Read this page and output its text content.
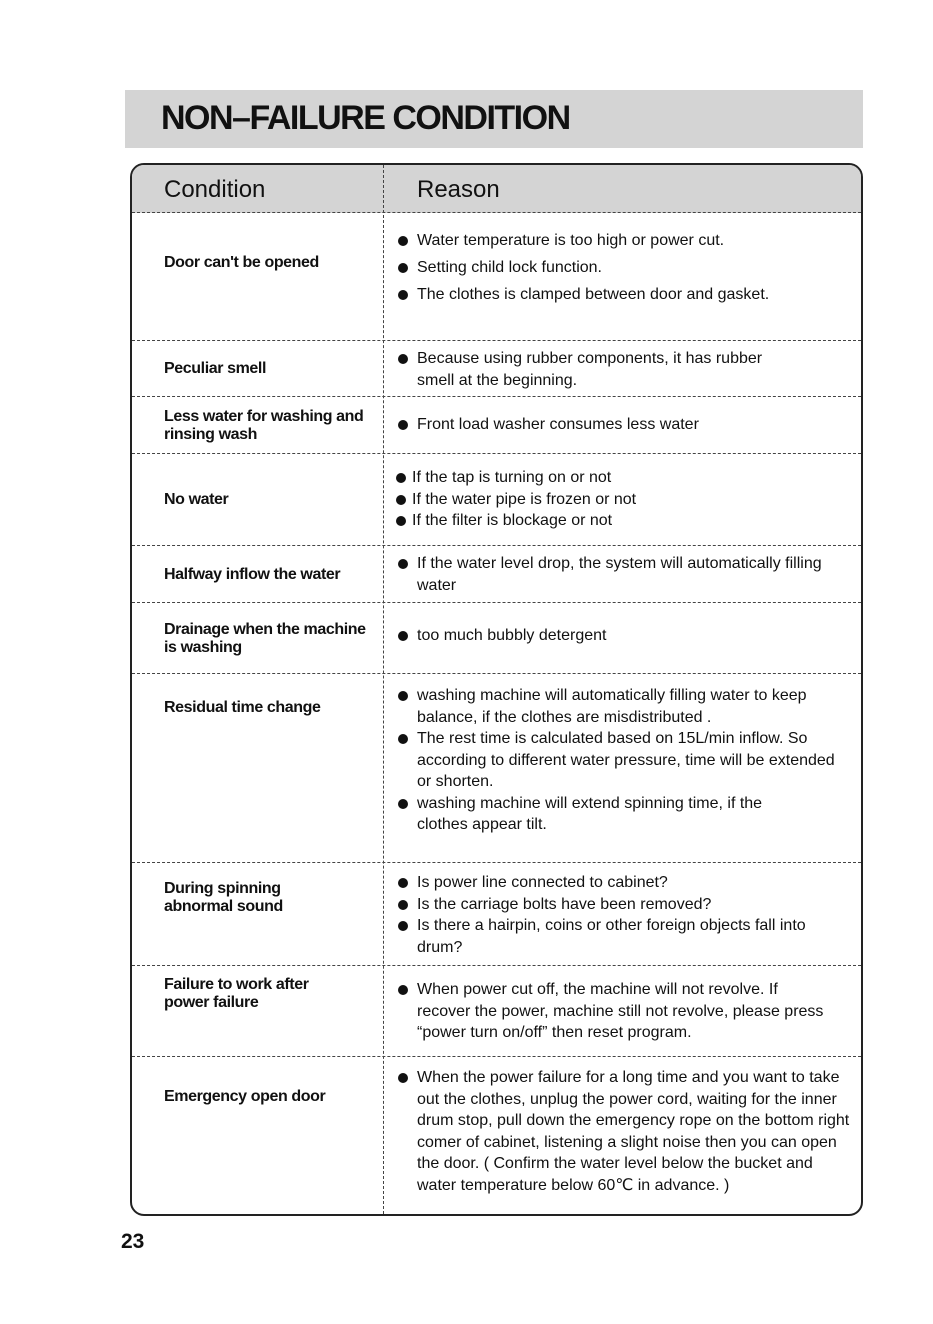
NON–FAILURE CONDITION
Condition	Reason
Door can't be opened
Water temperature is too high or power cut.
Setting child lock function.
The clothes is clamped between door and gasket.
Peculiar smell
Because using rubber components, it has rubber smell at the beginning.
Less water for washing and rinsing wash
Front load washer consumes less water
No water
If the tap is turning on or not
If the water pipe is frozen or not
If the filter is blockage or not
Halfway inflow the water
If the water level drop, the system will automatically filling water
Drainage when the machine is washing
too much bubbly detergent
Residual time change
washing machine will automatically filling water to keep balance, if the clothes are misdistributed .
The rest time is calculated based on 15L/min inflow. So according to different water pressure, time will be extended or shorten.
washing machine will extend spinning time, if the clothes appear tilt.
During spinning abnormal sound
Is power line connected to cabinet?
Is the carriage bolts have been removed?
Is there a hairpin, coins or other foreign objects fall into drum?
Failure to work after power failure
When power cut off, the machine will not revolve. If recover the power, machine still not revolve, please press “power turn on/off” then reset program.
Emergency open door
When the power failure for a long time and you want to take out the clothes, unplug the power cord, waiting for the inner drum stop, pull down the emergency rope on the bottom right comer of cabinet, listening a slight noise then you can open the door. ( Confirm the water level below the bucket and water temperature below 60℃ in advance. )
23
